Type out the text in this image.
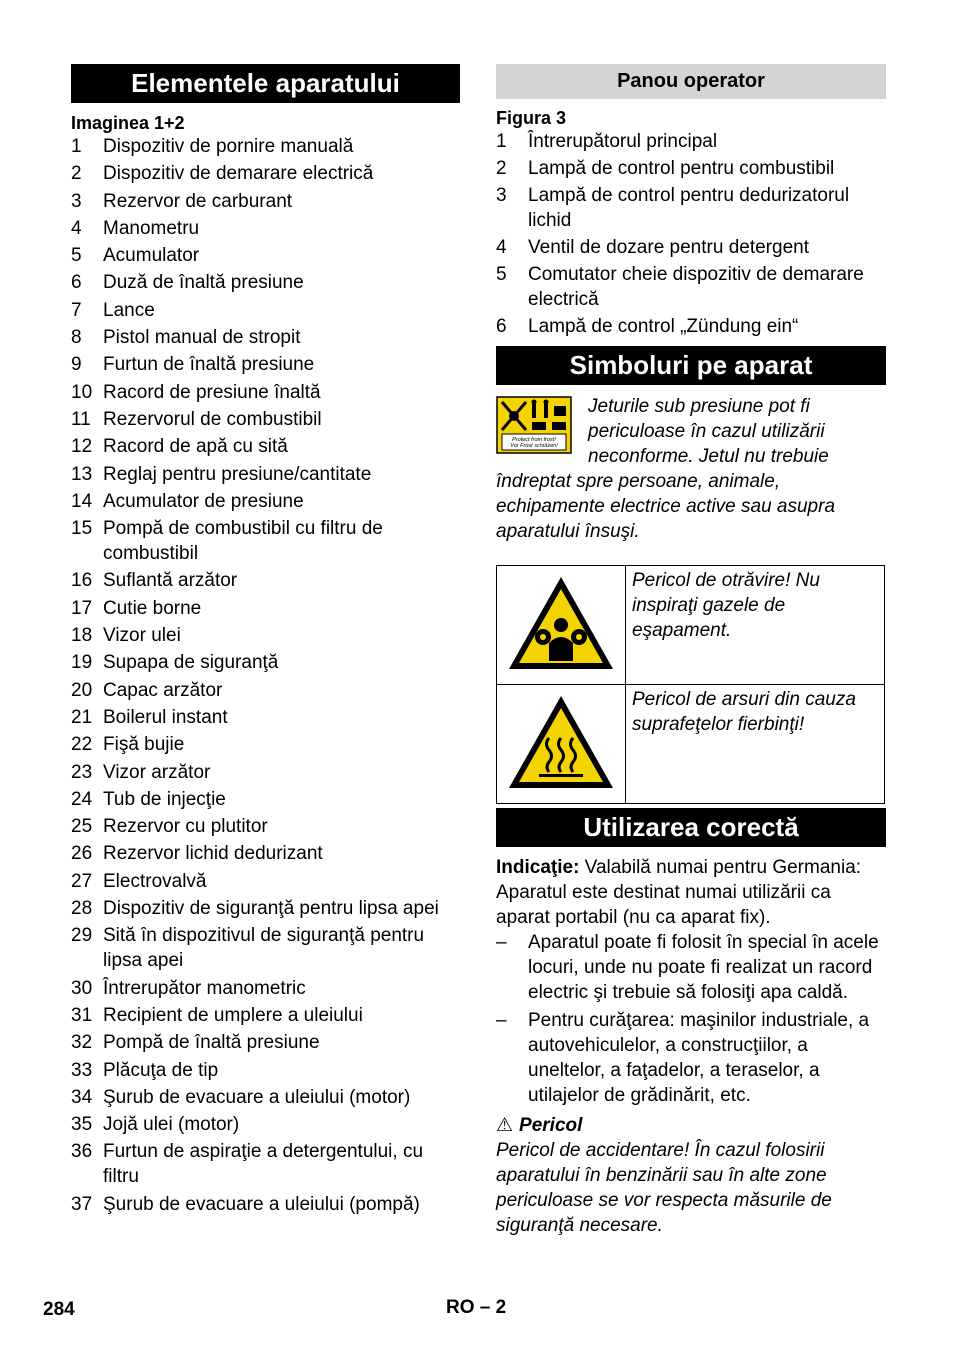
Elementele aparatului
Imaginea 1+2
1	Dispozitiv de pornire manuală
2	Dispozitiv de demarare electrică
3	Rezervor de carburant
4	Manometru
5	Acumulator
6	Duză de înaltă presiune
7	Lance
8	Pistol manual de stropit
9	Furtun de înaltă presiune
10 Racord de presiune înaltă
11 Rezervorul de combustibil
12 Racord de apă cu sită
13 Reglaj pentru presiune/cantitate
14 Acumulator de presiune
15 Pompă de combustibil cu filtru de combustibil
16 Suflantă arzător
17 Cutie borne
18 Vizor ulei
19 Supapa de siguranţă
20 Capac arzător
21 Boilerul instant
22 Fişă bujie
23 Vizor arzător
24 Tub de injecţie
25 Rezervor cu plutitor
26 Rezervor lichid dedurizant
27 Electrovalvă
28 Dispozitiv de siguranţă pentru lipsa apei
29 Sită în dispozitivul de siguranţă pentru lipsa apei
30 Întrerupător manometric
31 Recipient de umplere a uleiului
32 Pompă de înaltă presiune
33 Plăcuţa de tip
34 Şurub de evacuare a uleiului (motor)
35 Jojă ulei (motor)
36 Furtun de aspiraţie a detergentului, cu filtru
37 Şurub de evacuare a uleiului (pompă)
Panou operator
Figura 3
1	Întrerupătorul principal
2	Lampă de control pentru combustibil
3	Lampă de control pentru dedurizatorul lichid
4	Ventil de dozare pentru detergent
5	Comutator cheie dispozitiv de demarare electrică
6	Lampă de control „Zündung ein“
Simboluri pe aparat
Protect from frost!
Vor Frost schützen!
Jeturile sub presiune pot fi periculoase în cazul utilizării neconforme. Jetul nu trebuie îndreptat spre persoane, animale, echipamente electrice active sau asupra aparatului însuşi.
	Pericol de otrăvire! Nu inspiraţi gazele de eşapament.
	Pericol de arsuri din cauza suprafeţelor fierbinţi!
Utilizarea corectă

Indicaţie: Valabilă numai pentru Germania: Aparatul este destinat numai utilizării ca aparat portabil (nu ca aparat fix).

–	Aparatul poate fi folosit în special în acele locuri, unde nu poate fi realizat un racord electric şi trebuie să folosiţi apa caldă.
–	Pentru curăţarea: maşinilor industriale, a autovehiculelor, a construcţiilor, a uneltelor, a faţadelor, a teraselor, a utilajelor de grădinărit, etc.
⚠ Pericol

Pericol de accidentare! În cazul folosirii aparatului în benzinării sau în alte zone periculoase se vor respecta măsurile de siguranţă necesare.

284	RO – 2
